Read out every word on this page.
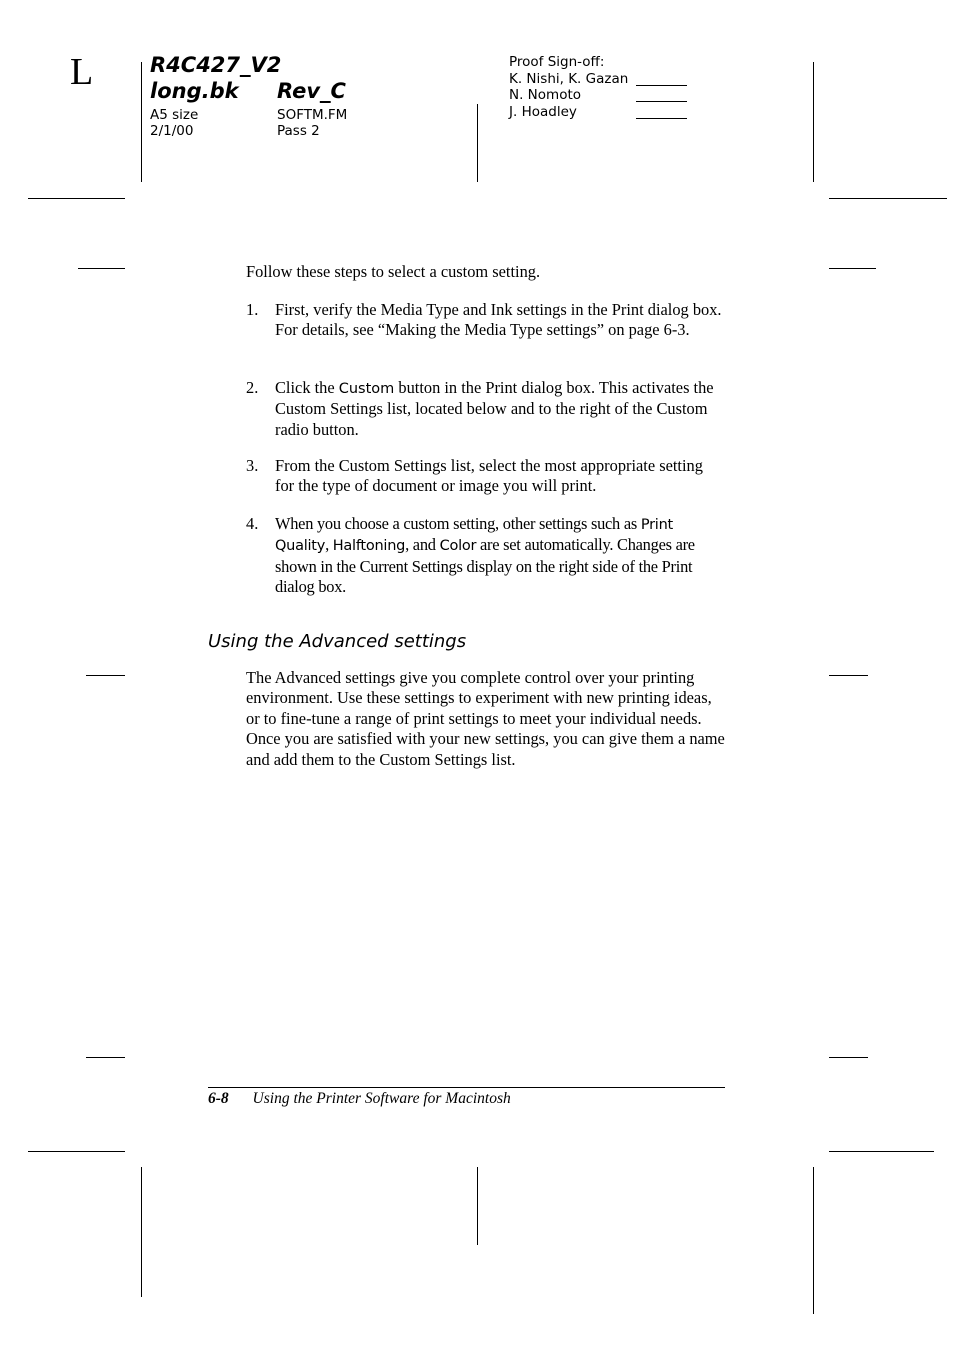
L	R4C427_V2
long.bk Rev_C
A5 size
2/1/00
SOFTM.FM
Pass 2
Proof Sign-off:
K. Nishi, K. Gazan
N. Nomoto
J. Hoadley
Follow these steps to select a custom setting.
1. First, verify the Media Type and Ink settings in the Print dialog box. For details, see “Making the Media Type settings” on page 6-3.
2. Click the Custom button in the Print dialog box. This activates the Custom Settings list, located below and to the right of the Custom radio button.
3. From the Custom Settings list, select the most appropriate setting for the type of document or image you will print.
4. When you choose a custom setting, other settings such as Print Quality, Halftoning, and Color are set automatically. Changes are shown in the Current Settings display on the right side of the Print dialog box.
Using the Advanced settings
The Advanced settings give you complete control over your printing environment. Use these settings to experiment with new printing ideas, or to fine-tune a range of print settings to meet your individual needs. Once you are satisfied with your new settings, you can give them a name and add them to the Custom Settings list.
6-8 Using the Printer Software for Macintosh
